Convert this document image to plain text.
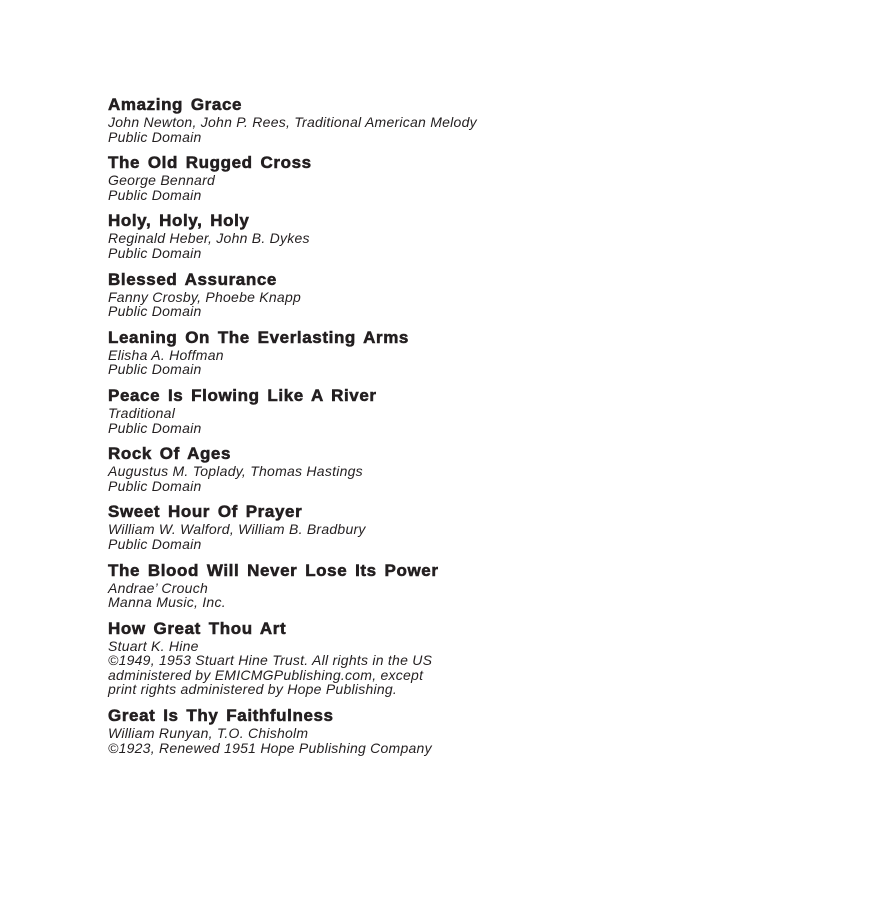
Amazing Grace
John Newton, John P. Rees, Traditional American Melody
Public Domain
The Old Rugged Cross
George Bennard
Public Domain
Holy, Holy, Holy
Reginald Heber, John B. Dykes
Public Domain
Blessed Assurance
Fanny Crosby, Phoebe Knapp
Public Domain
Leaning On The Everlasting Arms
Elisha A. Hoffman
Public Domain
Peace Is Flowing Like A River
Traditional
Public Domain
Rock Of Ages
Augustus M. Toplady, Thomas Hastings
Public Domain
Sweet Hour Of Prayer
William W. Walford, William B. Bradbury
Public Domain
The Blood Will Never Lose Its Power
Andrae’ Crouch
Manna Music, Inc.
How Great Thou Art
Stuart K. Hine
©1949, 1953 Stuart Hine Trust. All rights in the US
administered by EMICMGPublishing.com, except
print rights administered by Hope Publishing.
Great Is Thy Faithfulness
William Runyan, T.O. Chisholm
©1923, Renewed 1951 Hope Publishing Company
